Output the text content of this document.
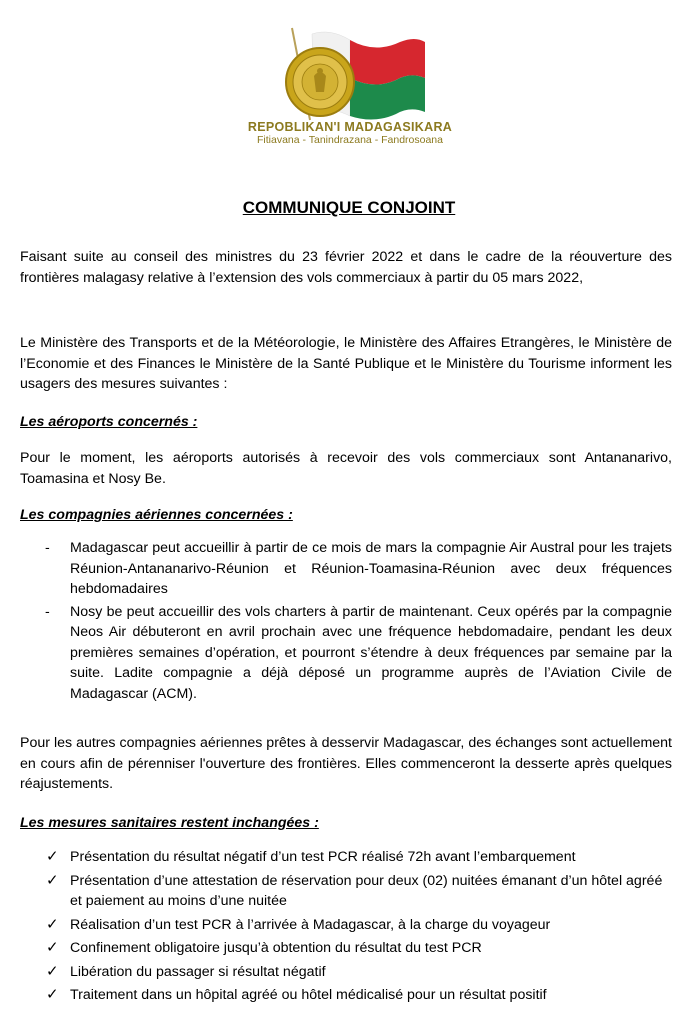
REPOBLIKAN'I MADAGASIKARA
Fitiavana - Tanindrazana - Fandrosoana
COMMUNIQUE CONJOINT
Faisant suite au conseil des ministres du 23 février 2022 et dans le cadre de la réouverture des frontières malagasy relative à l’extension des vols commerciaux à partir du 05 mars 2022,
Le Ministère des Transports et de la Météorologie, le Ministère des Affaires Etrangères, le Ministère de l’Economie et des Finances le Ministère de la Santé Publique et le Ministère du Tourisme informent les usagers des mesures suivantes :
Les aéroports concernés :
Pour le moment, les aéroports autorisés à recevoir des vols commerciaux sont Antananarivo, Toamasina et Nosy Be.
Les compagnies aériennes concernées :
- Madagascar peut accueillir à partir de ce mois de mars la compagnie Air Austral pour les trajets Réunion-Antananarivo-Réunion et Réunion-Toamasina-Réunion avec deux fréquences hebdomadaires
- Nosy be peut accueillir des vols charters à partir de maintenant. Ceux opérés par la compagnie Neos Air débuteront en avril prochain avec une fréquence hebdomadaire, pendant les deux premières semaines d’opération, et pourront s’étendre à deux fréquences par semaine par la suite. Ladite compagnie a déjà déposé un programme auprès de l’Aviation Civile de Madagascar (ACM).
Pour les autres compagnies aériennes prêtes à desservir Madagascar, des échanges sont actuellement en cours afin de pérenniser l'ouverture des frontières. Elles commenceront la desserte après quelques réajustements.
Les mesures sanitaires restent inchangées :
✓ Présentation du résultat négatif d’un test PCR réalisé 72h avant l’embarquement
✓ Présentation d’une attestation de réservation pour deux (02) nuitées émanant d’un hôtel agréé et paiement au moins d’une nuitée
✓ Réalisation d’un test PCR à l’arrivée à Madagascar, à la charge du voyageur
✓ Confinement obligatoire jusqu’à obtention du résultat du test PCR
✓ Libération du passager si résultat négatif
✓ Traitement dans un hôpital agréé ou hôtel médicalisé pour un résultat positif
